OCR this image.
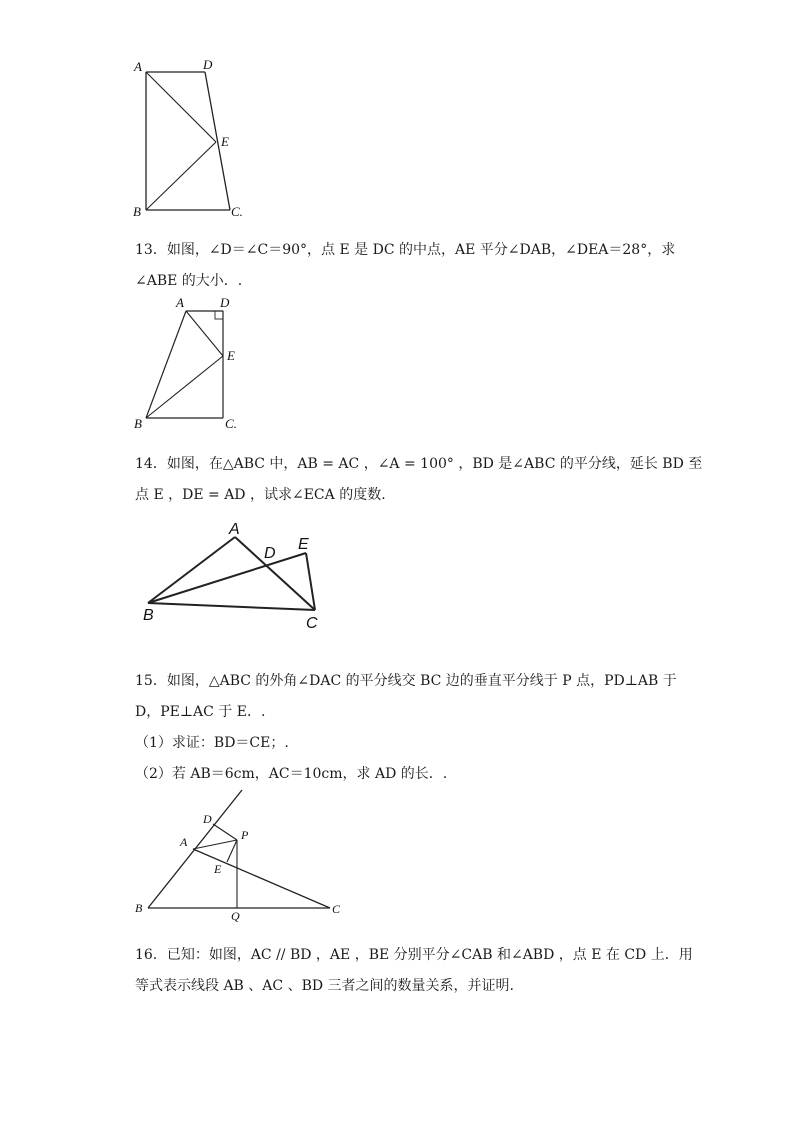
A	D
E
B	C.
13．如图，∠D＝∠C＝90°，点 E 是 DC 的中点，AE 平分∠DAB，∠DEA＝28°，求
∠ABE 的大小．.
A	D
E
B	C.
14．如图，在△ABC 中，AB = AC ，∠A = 100° ，BD 是∠ABC 的平分线，延长 BD 至
点 E ，DE = AD ，试求∠ECA 的度数.
A
D
E
B	C
15．如图，△ABC 的外角∠DAC 的平分线交 BC 边的垂直平分线于 P 点，PD⊥AB 于
D，PE⊥AC 于 E．.
（1）求证：BD＝CE；.
（2）若 AB＝6cm，AC＝10cm，求 AD 的长．.
D
A	P
E
B
Q	C
16．已知：如图，AC // BD ，AE ，BE 分别平分∠CAB 和∠ABD ，点 E 在 CD 上．用
等式表示线段 AB 、AC 、BD 三者之间的数量关系，并证明.
